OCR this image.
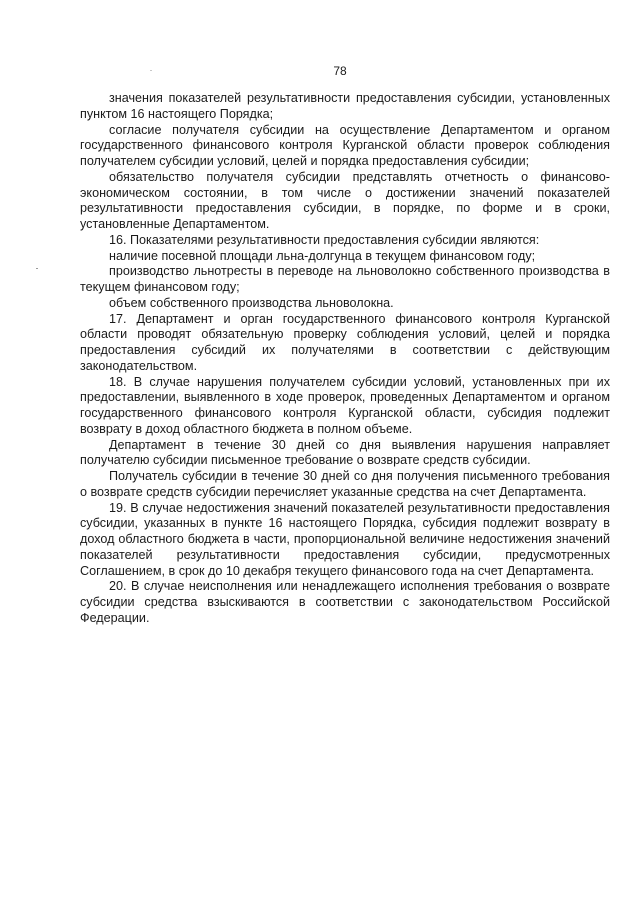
78

значения показателей результативности предоставления субсидии, установленных пунктом 16 настоящего Порядка;

согласие получателя субсидии на осуществление Департаментом и органом государственного финансового контроля Курганской области проверок соблюдения получателем субсидии условий, целей и порядка предоставления субсидии;

обязательство получателя субсидии представлять отчетность о финансово-экономическом состоянии, в том числе о достижении значений показателей результативности предоставления субсидии, в порядке, по форме и в сроки, установленные Департаментом.

16. Показателями результативности предоставления субсидии являются:

наличие посевной площади льна-долгунца в текущем финансовом году;

производство льнотресты в переводе на льноволокно собственного производства в текущем финансовом году;

объем собственного производства льноволокна.

17. Департамент и орган государственного финансового контроля Курганской области проводят обязательную проверку соблюдения условий, целей и порядка предоставления субсидий их получателями в соответствии с действующим законодательством.

18. В случае нарушения получателем субсидии условий, установленных при их предоставлении, выявленного в ходе проверок, проведенных Департаментом и органом государственного финансового контроля Курганской области, субсидия подлежит возврату в доход областного бюджета в полном объеме.

Департамент в течение 30 дней со дня выявления нарушения направляет получателю субсидии письменное требование о возврате средств субсидии.

Получатель субсидии в течение 30 дней со дня получения письменного требования о возврате средств субсидии перечисляет указанные средства на счет Департамента.

19. В случае недостижения значений показателей результативности предоставления субсидии, указанных в пункте 16 настоящего Порядка, субсидия подлежит возврату в доход областного бюджета в части, пропорциональной величине недостижения значений показателей результативности предоставления субсидии, предусмотренных Соглашением, в срок до 10 декабря текущего финансового года на счет Департамента.

20. В случае неисполнения или ненадлежащего исполнения требования о возврате субсидии средства взыскиваются в соответствии с законодательством Российской Федерации.
